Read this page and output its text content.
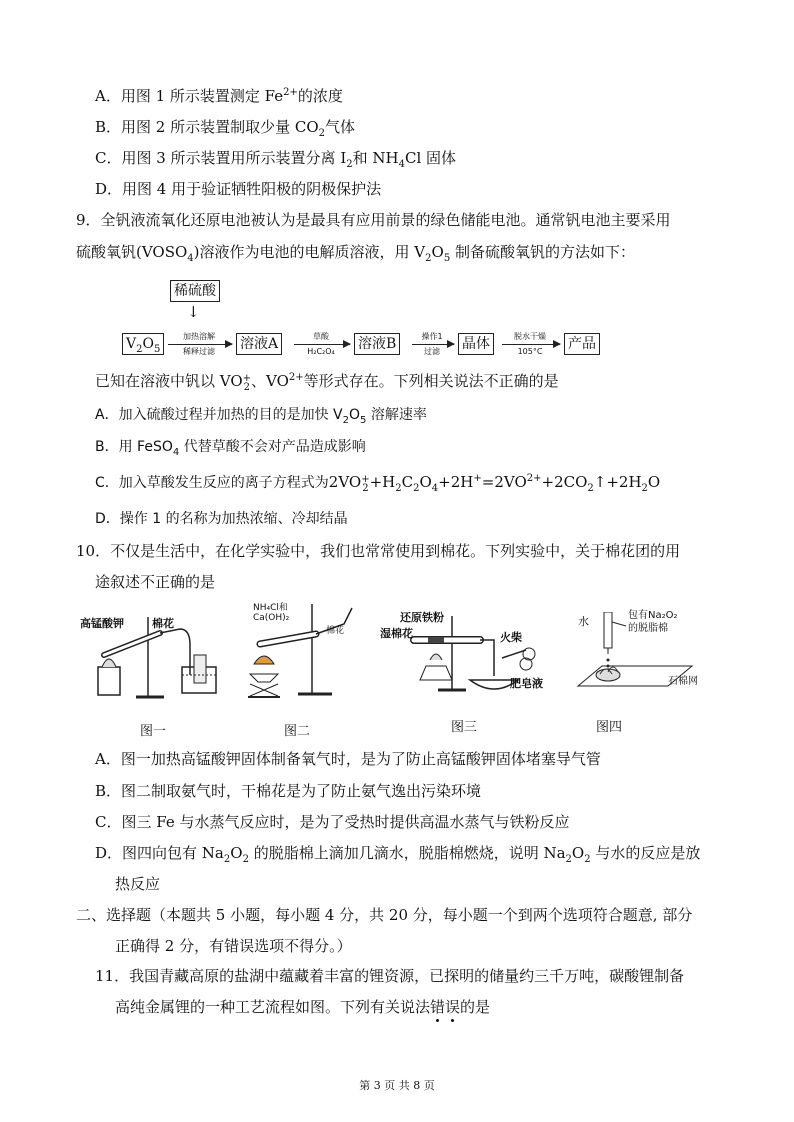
A．用图 1 所示装置测定 $Fe^{2+}$的浓度
B．用图 2 所示装置制取少量 $CO_2$气体
C．用图 3 所示装置用所示装置分离 $I_2$和 $NH_4Cl$ 固体
D．用图 4 用于验证牺牲阳极的阴极保护法
9．全钒液流氧化还原电池被认为是最具有应用前景的绿色储能电池。通常钒电池主要采用
硫酸氧钒$(VOSO_4)$溶液作为电池的电解质溶液，用 $V_2O_5$ 制备硫酸氧钒的方法如下：
稀硫酸
↓
$V_2O_5$
加热溶解
稀释过滤	溶液A	草酸
H₂C₂O₄	溶液B	操作1
过滤	晶体	脱水干燥
105°C	产品
已知在溶液中钒以 VO +
2 、$VO^{2+}$等形式存在。下列相关说法不正确的是
A．加入硫酸过程并加热的目的是加快 $V_2O_5$ 溶解速率
B．用 FeSO$_4$ 代替草酸不会对产品造成影响
C．加入草酸发生反应的离子方程式为2VO +
$2 +H_2C_2O_4+2H^+=2VO^{2+}+2CO_2↑+2H_2O$
D．操作 1 的名称为加热浓缩、冷却结晶
10．不仅是生活中，在化学实验中，我们也常常使用到棉花。下列实验中，关于棉花团的用
途叙述不正确的是
高锰酸钾	棉花
图一
NH₄Cl和
Ca(OH)₂
棉花
图二
还原铁粉
湿棉花	火柴
肥皂液
图三
水	包有Na₂O₂
的脱脂棉
石棉网
图四
A．图一加热高锰酸钾固体制备氧气时，是为了防止高锰酸钾固体堵塞导气管
B．图二制取氨气时，干棉花是为了防止氨气逸出污染环境
C．图三 Fe 与水蒸气反应时，是为了受热时提供高温水蒸气与铁粉反应
D．图四向包有 $Na_2O_2$ 的脱脂棉上滴加几滴水，脱脂棉燃烧，说明 $Na_2O_2$ 与水的反应是放
热反应
二、选择题（本题共 5 小题，每小题 4 分，共 20 分，每小题一个到两个选项符合题意, 部分
正确得 2 分，有错误选项不得分。）
11．我国青藏高原的盐湖中蕴藏着丰富的锂资源，已探明的储量约三千万吨，碳酸锂制备
高纯金属锂的一种工艺流程如图。下列有关说法错误的是
第 3 页 共 8 页
